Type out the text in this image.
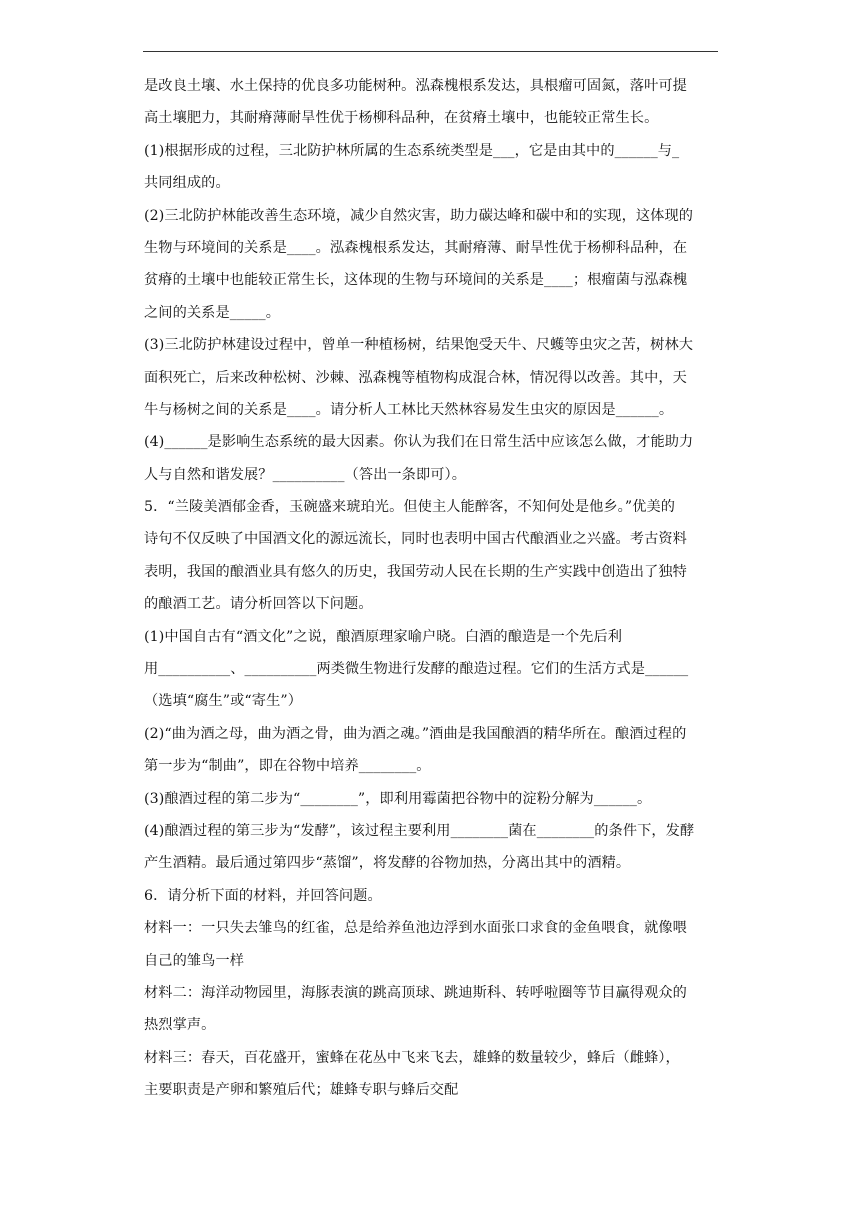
是改良土壤、水土保持的优良多功能树种。泓森槐根系发达，具根瘤可固氮，落叶可提
高土壤肥力，其耐瘠薄耐旱性优于杨柳科品种，在贫瘠土壤中，也能较正常生长。
(1)根据形成的过程，三北防护林所属的生态系统类型是___，它是由其中的______与_
共同组成的。
(2)三北防护林能改善生态环境，减少自然灾害，助力碳达峰和碳中和的实现，这体现的
生物与环境间的关系是____。泓森槐根系发达，其耐瘠薄、耐旱性优于杨柳科品种，在
贫瘠的土壤中也能较正常生长，这体现的生物与环境间的关系是____；根瘤菌与泓森槐
之间的关系是_____。
(3)三北防护林建设过程中，曾单一种植杨树，结果饱受天牛、尺蠖等虫灾之苦，树林大
面积死亡，后来改种松树、沙棘、泓森槐等植物构成混合林，情况得以改善。其中，天
牛与杨树之间的关系是____。请分析人工林比天然林容易发生虫灾的原因是______。
(4)______是影响生态系统的最大因素。你认为我们在日常生活中应该怎么做，才能助力
人与自然和谐发展？__________（答出一条即可）。
5．“兰陵美酒郁金香，玉碗盛来琥珀光。但使主人能醉客，不知何处是他乡。”优美的
诗句不仅反映了中国酒文化的源远流长，同时也表明中国古代酿酒业之兴盛。考古资料
表明，我国的酿酒业具有悠久的历史，我国劳动人民在长期的生产实践中创造出了独特
的酿酒工艺。请分析回答以下问题。
(1)中国自古有“酒文化”之说，酿酒原理家喻户晓。白酒的酿造是一个先后利
用__________、__________两类微生物进行发酵的酿造过程。它们的生活方式是______
（选填“腐生”或“寄生”）
(2)“曲为酒之母，曲为酒之骨，曲为酒之魂。”酒曲是我国酿酒的精华所在。酿酒过程的
第一步为“制曲”，即在谷物中培养________。
(3)酿酒过程的第二步为“________”，即利用霉菌把谷物中的淀粉分解为______。
(4)酿酒过程的第三步为“发酵”，该过程主要利用________菌在________的条件下，发酵
产生酒精。最后通过第四步“蒸馏”，将发酵的谷物加热，分离出其中的酒精。
6．请分析下面的材料，并回答问题。
材料一：一只失去雏鸟的红雀，总是给养鱼池边浮到水面张口求食的金鱼喂食，就像喂
自己的雏鸟一样
材料二：海洋动物园里，海豚表演的跳高顶球、跳迪斯科、转呼啦圈等节目赢得观众的
热烈掌声。
材料三：春天，百花盛开，蜜蜂在花丛中飞来飞去，雄蜂的数量较少，蜂后（雌蜂），
主要职责是产卵和繁殖后代；雄蜂专职与蜂后交配
